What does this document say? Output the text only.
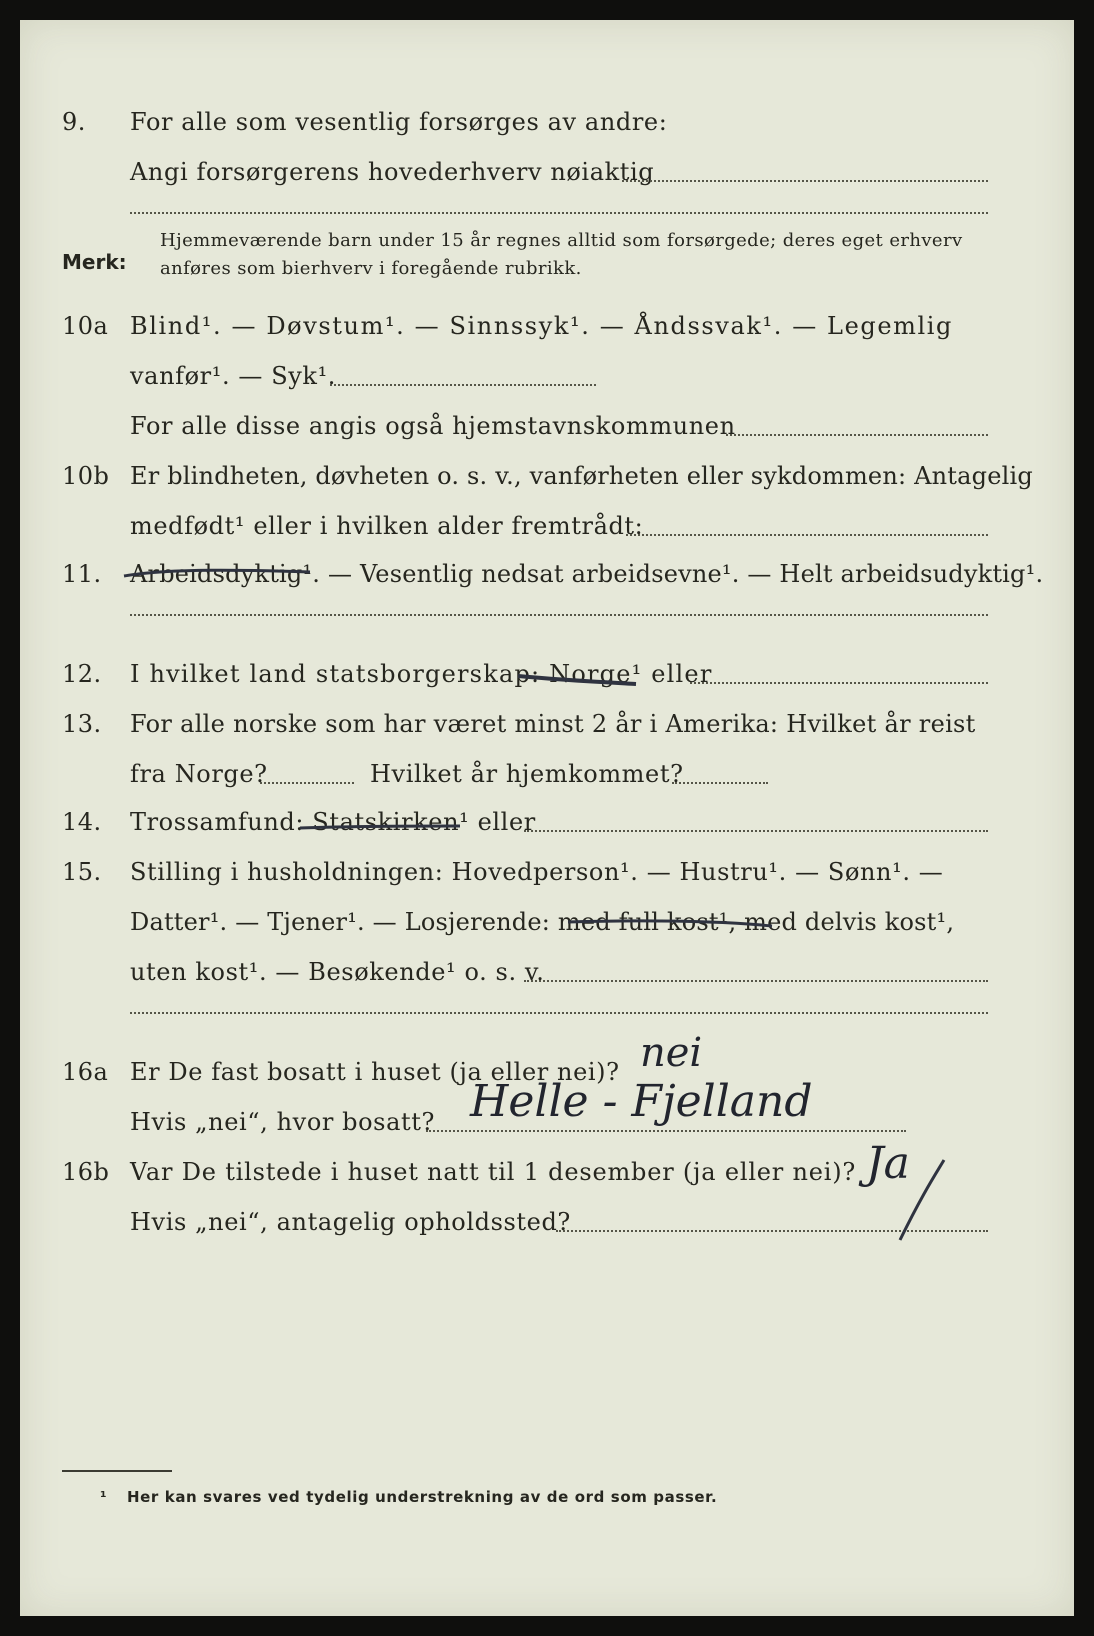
9. For alle som vesentlig forsørges av andre:
Angi forsørgerens hovederhverv nøiaktig
Merk:
Hjemmeværende barn under 15 år regnes alltid som forsørgede; deres eget erhverv
anføres som bierhverv i foregående rubrikk.
10a Blind¹. — Døvstum¹. — Sinnssyk¹. — Åndssvak¹. — Legemlig
vanfør¹. — Syk¹.
For alle disse angis også hjemstavnskommunen
10b Er blindheten, døvheten o. s. v., vanførheten eller sykdommen: Antagelig
medfødt¹ eller i hvilken alder fremtrådt:
11. Arbeidsdyktig¹. — Vesentlig nedsat arbeidsevne¹. — Helt arbeidsudyktig¹.
12. I hvilket land statsborgerskap: Norge¹ eller
13. For alle norske som har været minst 2 år i Amerika: Hvilket år reist
fra Norge?	Hvilket år hjemkommet?
14. Trossamfund: Statskirken¹ eller
15. Stilling i husholdningen: Hovedperson¹. — Hustru¹. — Sønn¹. —
Datter¹. — Tjener¹. — Losjerende: med full kost¹, med delvis kost¹,
uten kost¹. — Besøkende¹ o. s. v.
16a Er De fast bosatt i huset (ja eller nei)? nei
Hvis „nei“, hvor bosatt? Helle - Fjelland
16b Var De tilstede i huset natt til 1 desember (ja eller nei)? Ja
Hvis „nei“, antagelig opholdssted?
¹ Her kan svares ved tydelig understrekning av de ord som passer.
